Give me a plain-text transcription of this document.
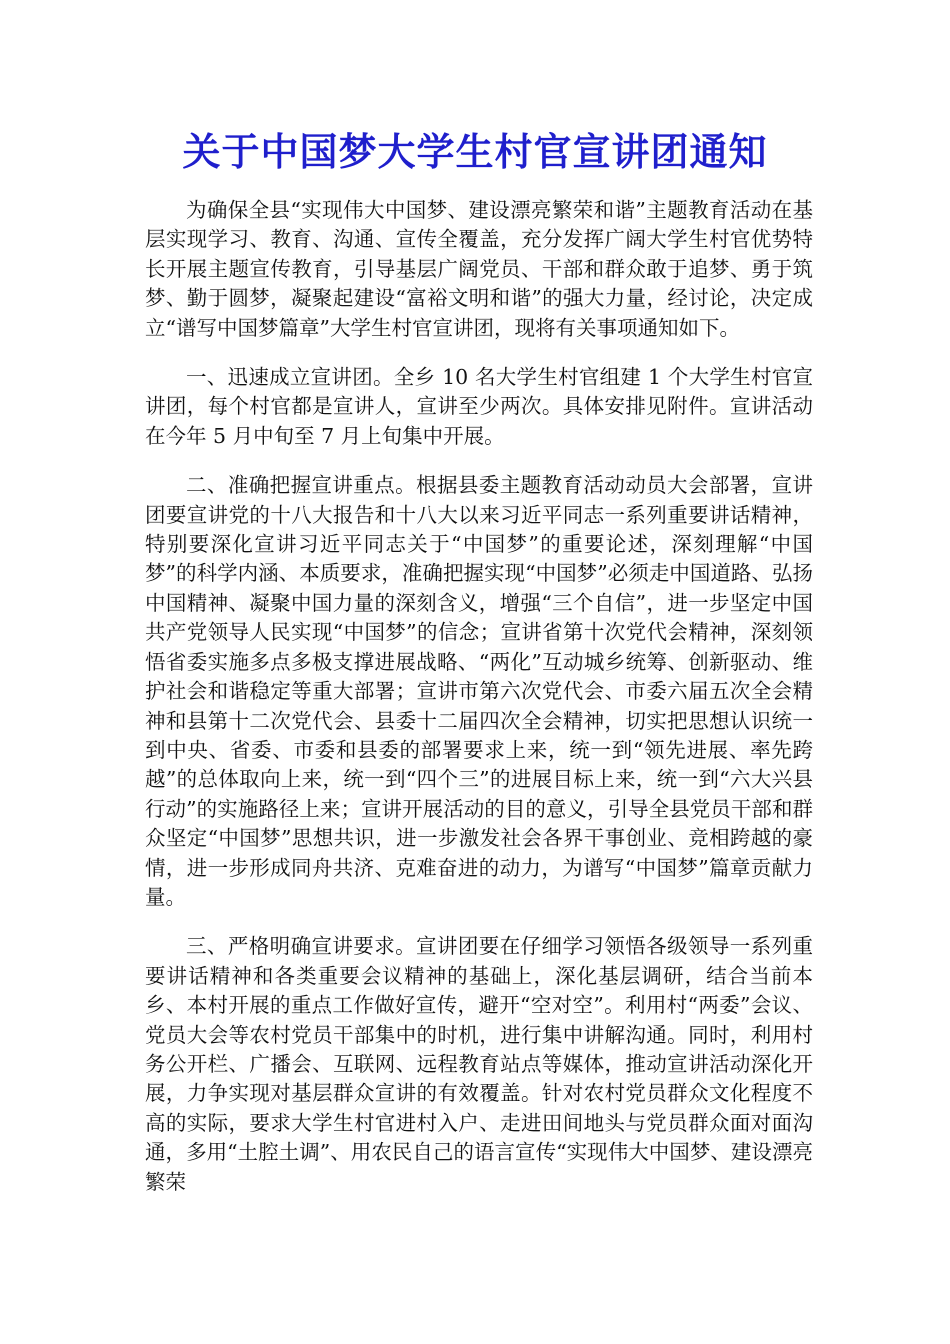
关于中国梦大学生村官宣讲团通知

为确保全县“实现伟大中国梦、建设漂亮繁荣和谐”主题教育活动在基层实现学习、教育、沟通、宣传全覆盖，充分发挥广阔大学生村官优势特长开展主题宣传教育，引导基层广阔党员、干部和群众敢于追梦、勇于筑梦、勤于圆梦，凝聚起建设“富裕文明和谐”的强大力量，经讨论，决定成立“谱写中国梦篇章”大学生村官宣讲团，现将有关事项通知如下。

一、迅速成立宣讲团。全乡 10 名大学生村官组建 1 个大学生村官宣讲团，每个村官都是宣讲人，宣讲至少两次。具体安排见附件。宣讲活动在今年 5 月中旬至 7 月上旬集中开展。

二、准确把握宣讲重点。根据县委主题教育活动动员大会部署，宣讲团要宣讲党的十八大报告和十八大以来习近平同志一系列重要讲话精神，特别要深化宣讲习近平同志关于“中国梦”的重要论述，深刻理解“中国梦”的科学内涵、本质要求，准确把握实现“中国梦”必须走中国道路、弘扬中国精神、凝聚中国力量的深刻含义，增强“三个自信”，进一步坚定中国共产党领导人民实现“中国梦”的信念；宣讲省第十次党代会精神，深刻领悟省委实施多点多极支撑进展战略、“两化”互动城乡统筹、创新驱动、维护社会和谐稳定等重大部署；宣讲市第六次党代会、市委六届五次全会精神和县第十二次党代会、县委十二届四次全会精神，切实把思想认识统一到中央、省委、市委和县委的部署要求上来，统一到“领先进展、率先跨越”的总体取向上来，统一到“四个三”的进展目标上来，统一到“六大兴县行动”的实施路径上来；宣讲开展活动的目的意义，引导全县党员干部和群众坚定“中国梦”思想共识，进一步激发社会各界干事创业、竞相跨越的豪情，进一步形成同舟共济、克难奋进的动力，为谱写“中国梦”篇章贡献力量。

三、严格明确宣讲要求。宣讲团要在仔细学习领悟各级领导一系列重要讲话精神和各类重要会议精神的基础上，深化基层调研，结合当前本乡、本村开展的重点工作做好宣传，避开“空对空”。利用村“两委”会议、党员大会等农村党员干部集中的时机，进行集中讲解沟通。同时，利用村务公开栏、广播会、互联网、远程教育站点等媒体，推动宣讲活动深化开展，力争实现对基层群众宣讲的有效覆盖。针对农村党员群众文化程度不高的实际，要求大学生村官进村入户、走进田间地头与党员群众面对面沟通，多用“土腔土调”、用农民自己的语言宣传“实现伟大中国梦、建设漂亮繁荣
